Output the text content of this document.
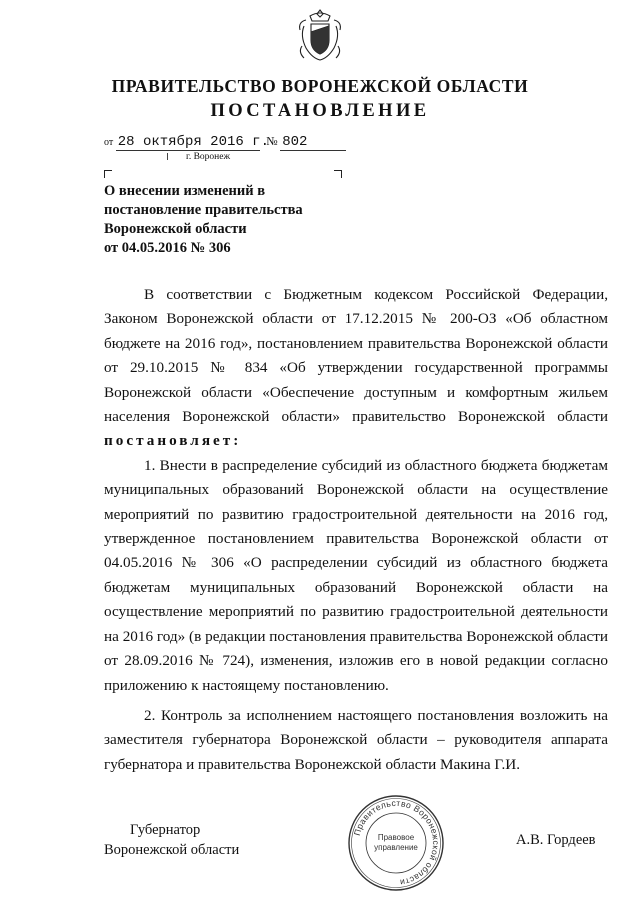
ПРАВИТЕЛЬСТВО ВОРОНЕЖСКОЙ ОБЛАСТИ
ПОСТАНОВЛЕНИЕ
от 28 октября 2016 г. № 802
г. Воронеж
О внесении изменений в
постановление правительства
Воронежской области
от 04.05.2016 № 306
В соответствии с Бюджетным кодексом Российской Федерации, Законом Воронежской области от 17.12.2015 № 200-ОЗ «Об областном бюджете на 2016 год», постановлением правительства Воронежской области от 29.10.2015 № 834 «Об утверждении государственной программы Воронежской области «Обеспечение доступным и комфортным жильем населения Воронежской области» правительство Воронежской области
постановляет:
1. Внести в распределение субсидий из областного бюджета бюджетам муниципальных образований Воронежской области на осуществление мероприятий по развитию градостроительной деятельности на 2016 год, утвержденное постановлением правительства Воронежской области от 04.05.2016 № 306 «О распределении субсидий из областного бюджета бюджетам муниципальных образований Воронежской области на осуществление мероприятий по развитию градостроительной деятельности на 2016 год» (в редакции постановления правительства Воронежской области от 28.09.2016 № 724), изменения, изложив его в новой редакции согласно приложению к настоящему постановлению.
2. Контроль за исполнением настоящего постановления возложить на заместителя губернатора Воронежской области – руководителя аппарата губернатора и правительства Воронежской области Макина Г.И.
Губернатор
Воронежской области
Правительство Воронежской области
Правовое
управление	А.В. Гордеев
